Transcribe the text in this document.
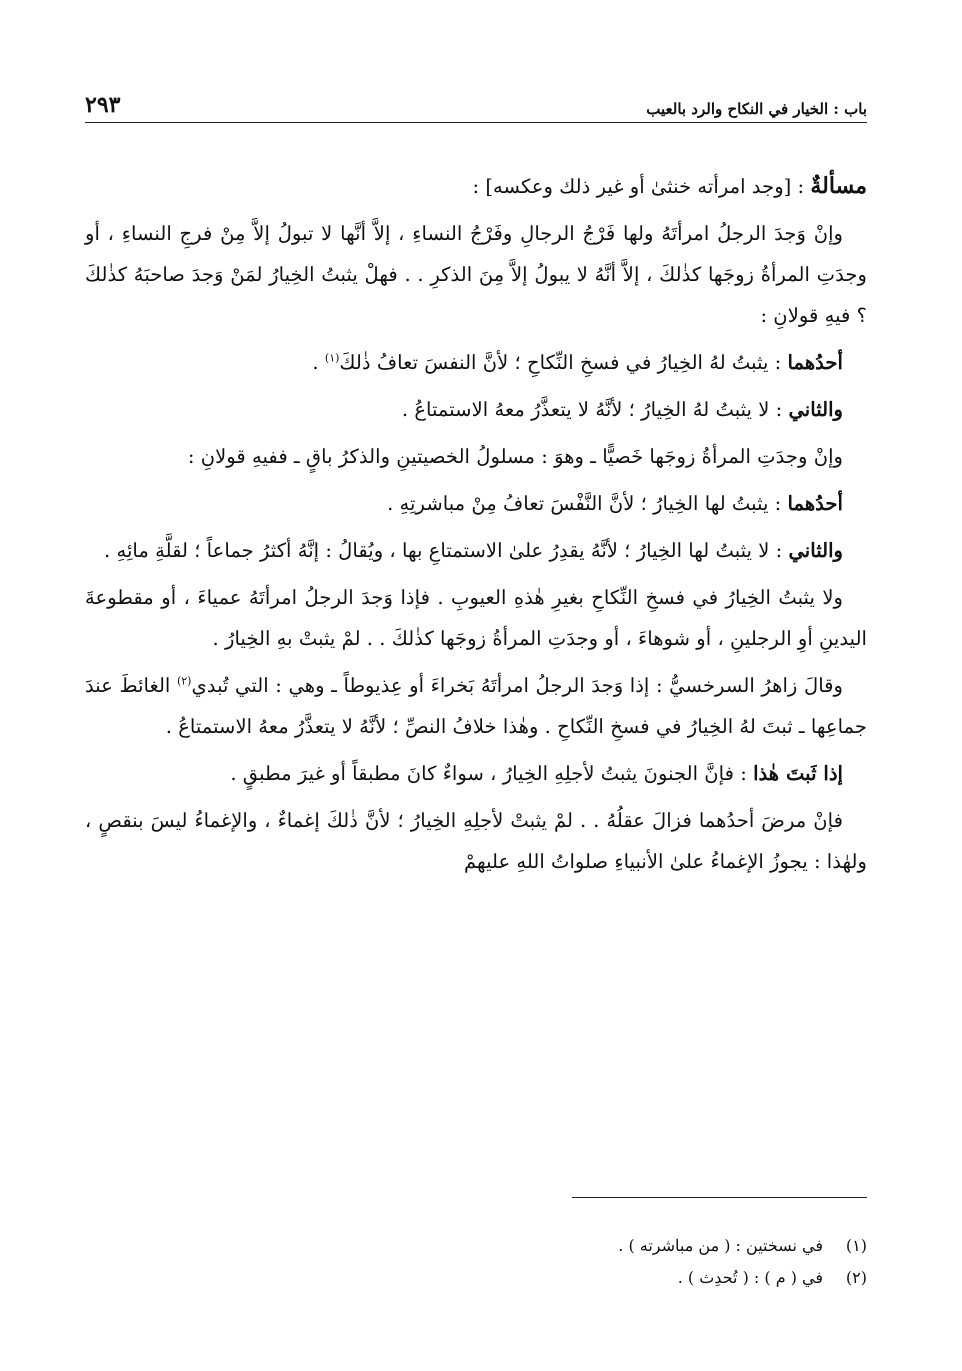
باب : الخيار في النكاح والرد بالعيب
٢٩٣

مسألةٌ : [وجد امرأته خنثىٰ أو غير ذلك وعكسه] :

وإنْ وَجدَ الرجلُ امرأتَهُ ولها فَرْجُ الرجالِ وفَرْجُ النساءِ ، إلاَّ أنَّها لا تبولُ إلاَّ مِنْ فرجِ النساءِ ، أو وجدَتِ المرأةُ زوجَها كذٰلكَ ، إلاَّ أنَّهُ لا يبولُ إلاَّ مِنَ الذكرِ . . فهلْ يثبتُ الخِيارُ لمَنْ وَجدَ صاحبَهُ كذٰلكَ ؟ فيهِ قولانِ :

أحدُهما : يثبتُ لهُ الخِيارُ في فسخِ النِّكاحِ ؛ لأنَّ النفسَ تعافُ ذٰلكَ$^{(١)}$ .

والثاني : لا يثبتُ لهُ الخِيارُ ؛ لأنَّهُ لا يتعذَّرُ معهُ الاستمتاعُ .

وإنْ وجدَتِ المرأةُ زوجَها خَصيًّا ـ وهوَ : مسلولُ الخصيتينِ والذكرُ باقٍ ـ ففيهِ قولانِ :

أحدُهما : يثبتُ لها الخِيارُ ؛ لأنَّ النَّفْسَ تعافُ مِنْ مباشرتِهِ .

والثاني : لا يثبتُ لها الخِيارُ ؛ لأنَّهُ يقدِرُ علىٰ الاستمتاعِ بها ، ويُقالُ : إنَّهُ أكثرُ جماعاً ؛ لقلَّةِ مائِهِ .

ولا يثبتُ الخِيارُ في فسخِ النِّكاحِ بغيرِ هٰذهِ العيوبِ . فإذا وَجدَ الرجلُ امرأتَهُ عمياءَ ، أو مقطوعةَ اليدينِ أوِ الرجلينِ ، أو شوهاءَ ، أو وجدَتِ المرأةُ زوجَها كذٰلكَ . . لمْ يثبتْ بهِ الخِيارُ .

وقالَ زاهرُ السرخسيُّ : إذا وَجدَ الرجلُ امرأتَهُ بَخراءَ أو عِذيوطاً ـ وهي : التي تُبدي$^{(٢)}$ الغائطَ عندَ جماعِها ـ ثبتَ لهُ الخِيارُ في فسخِ النِّكاحِ . وهٰذا خلافُ النصِّ ؛ لأنَّهُ لا يتعذَّرُ معهُ الاستمتاعُ .

إذا ثَبتَ هٰذا : فإنَّ الجنونَ يثبتُ لأجلِهِ الخِيارُ ، سواءٌ كانَ مطبقاً أو غيرَ مطبقٍ .

فإنْ مرضَ أحدُهما فزالَ عقلُهُ . . لمْ يثبتْ لأجلِهِ الخِيارُ ؛ لأنَّ ذٰلكَ إغماءٌ ، والإغماءُ ليسَ بنقصٍ ، ولهٰذا : يجوزُ الإغماءُ علىٰ الأنبياءِ صلواتُ اللهِ عليهمْ

(١)في نسختين : ( من مباشرته ) .
(٢)في ( م ) : ( تُحدِث ) .
